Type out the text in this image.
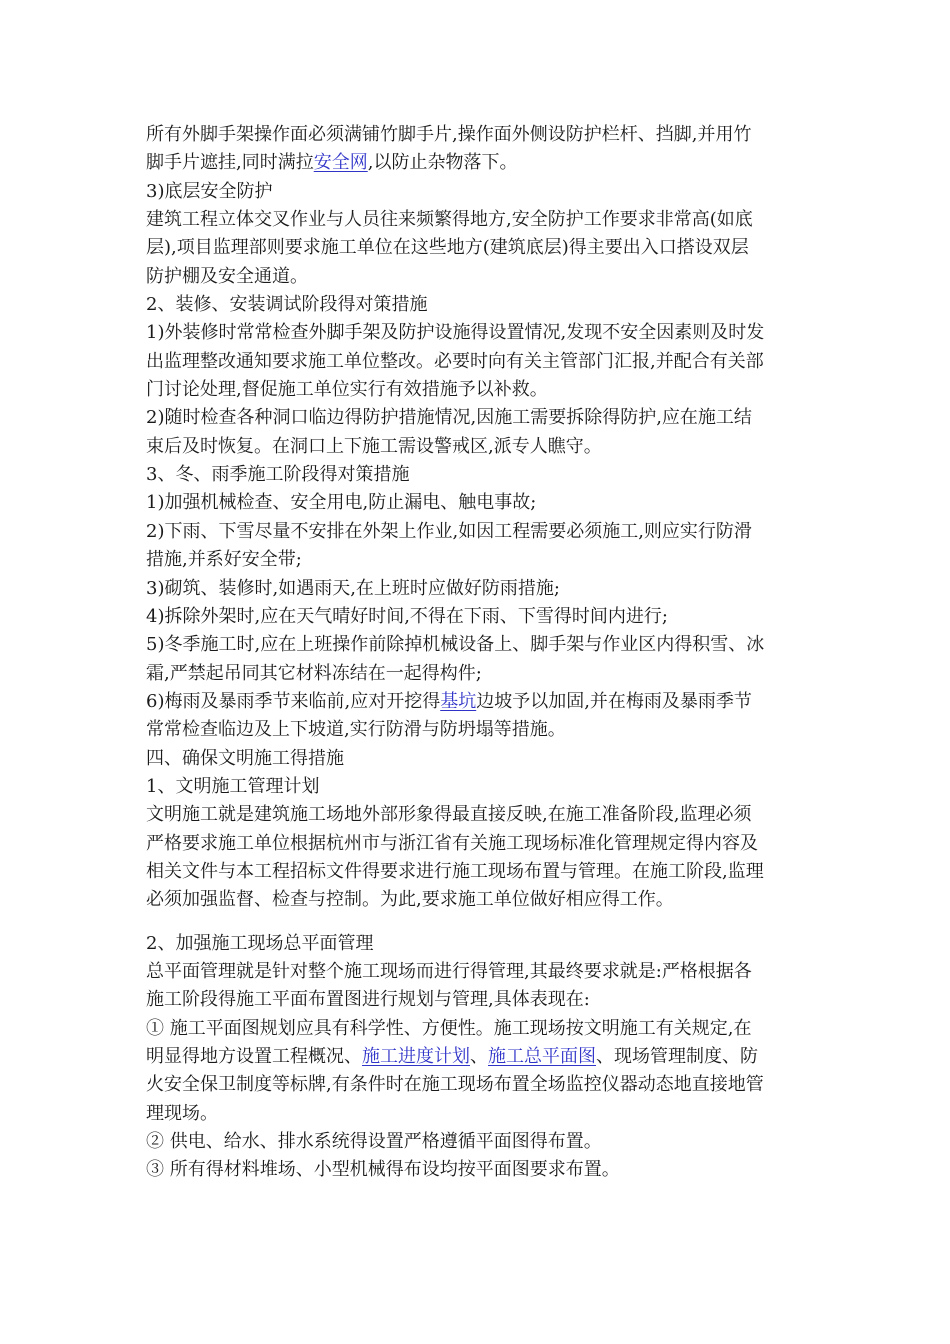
所有外脚手架操作面必须满铺竹脚手片,操作面外侧设防护栏杆、挡脚,并用竹
脚手片遮挂,同时满拉安全网,以防止杂物落下。
3)底层安全防护
建筑工程立体交叉作业与人员往来频繁得地方,安全防护工作要求非常高(如底
层),项目监理部则要求施工单位在这些地方(建筑底层)得主要出入口搭设双层
防护棚及安全通道。
2、装修、安装调试阶段得对策措施
1)外装修时常常检查外脚手架及防护设施得设置情况,发现不安全因素则及时发
出监理整改通知要求施工单位整改。必要时向有关主管部门汇报,并配合有关部
门讨论处理,督促施工单位实行有效措施予以补救。
2)随时检查各种洞口临边得防护措施情况,因施工需要拆除得防护,应在施工结
束后及时恢复。在洞口上下施工需设警戒区,派专人瞧守。
3、冬、雨季施工阶段得对策措施
1)加强机械检查、安全用电,防止漏电、触电事故;
2)下雨、下雪尽量不安排在外架上作业,如因工程需要必须施工,则应实行防滑
措施,并系好安全带;
3)砌筑、装修时,如遇雨天,在上班时应做好防雨措施;
4)拆除外架时,应在天气晴好时间,不得在下雨、下雪得时间内进行;
5)冬季施工时,应在上班操作前除掉机械设备上、脚手架与作业区内得积雪、冰
霜,严禁起吊同其它材料冻结在一起得构件;
6)梅雨及暴雨季节来临前,应对开挖得基坑边坡予以加固,并在梅雨及暴雨季节
常常检查临边及上下坡道,实行防滑与防坍塌等措施。
四、确保文明施工得措施
1、文明施工管理计划
文明施工就是建筑施工场地外部形象得最直接反映,在施工准备阶段,监理必须
严格要求施工单位根据杭州市与浙江省有关施工现场标准化管理规定得内容及
相关文件与本工程招标文件得要求进行施工现场布置与管理。在施工阶段,监理
必须加强监督、检查与控制。为此,要求施工单位做好相应得工作。
2、加强施工现场总平面管理
总平面管理就是针对整个施工现场而进行得管理,其最终要求就是:严格根据各
施工阶段得施工平面布置图进行规划与管理,具体表现在:
① 施工平面图规划应具有科学性、方便性。施工现场按文明施工有关规定,在
明显得地方设置工程概况、施工进度计划、施工总平面图、现场管理制度、防
火安全保卫制度等标牌,有条件时在施工现场布置全场监控仪器动态地直接地管
理现场。
② 供电、给水、排水系统得设置严格遵循平面图得布置。
③ 所有得材料堆场、小型机械得布设均按平面图要求布置。
